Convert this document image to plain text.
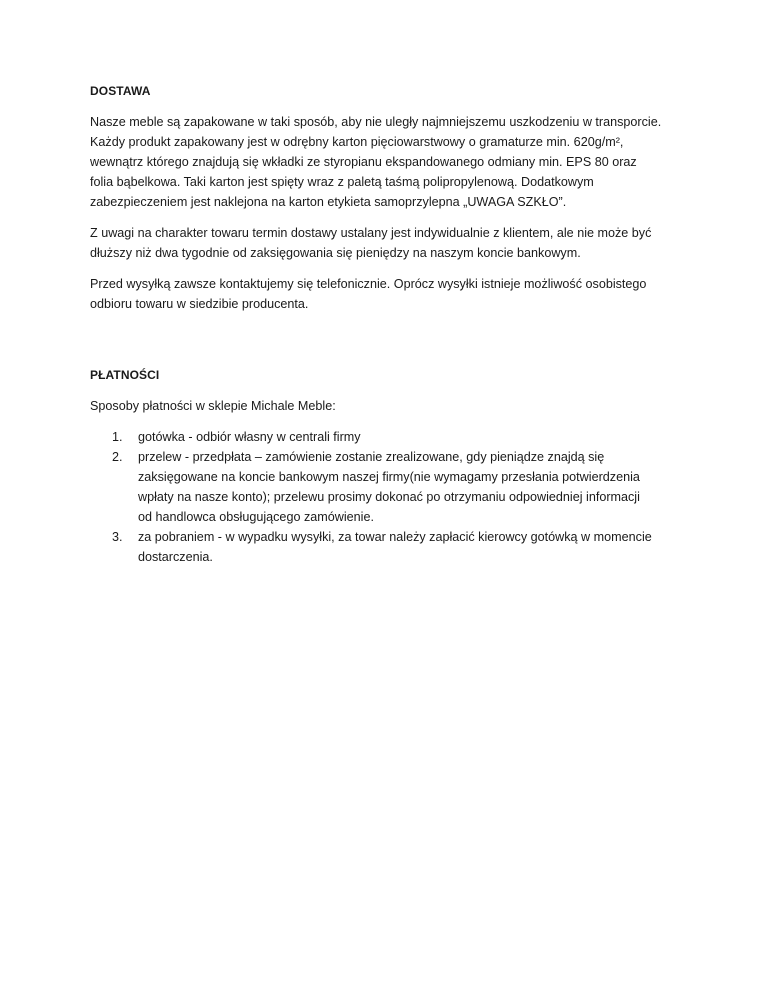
DOSTAWA
Nasze meble są zapakowane w taki sposób, aby nie uległy najmniejszemu uszkodzeniu w transporcie.
Każdy produkt zapakowany jest w odrębny karton pięciowarstwowy o gramaturze min. 620g/m²,
wewnątrz którego znajdują się wkładki ze styropianu ekspandowanego odmiany min. EPS 80 oraz
folia bąbelkowa. Taki karton jest spięty wraz z paletą taśmą polipropylenową. Dodatkowym
zabezpieczeniem jest naklejona na karton etykieta samoprzylepna „UWAGA SZKŁO”.
Z uwagi na charakter towaru termin dostawy ustalany jest indywidualnie z klientem, ale nie może być
dłuższy niż dwa tygodnie od zaksięgowania się pieniędzy na naszym koncie bankowym.
Przed wysyłką zawsze kontaktujemy się telefonicznie. Oprócz wysyłki istnieje możliwość osobistego
odbioru towaru w siedzibie producenta.
PŁATNOŚCI
Sposoby płatności w sklepie Michale Meble:
1. gotówka - odbiór własny w centrali firmy
2. przelew - przedpłata – zamówienie zostanie zrealizowane, gdy pieniądze znajdą się
zaksięgowane na koncie bankowym naszej firmy(nie wymagamy przesłania potwierdzenia
wpłaty na nasze konto); przelewu prosimy dokonać po otrzymaniu odpowiedniej informacji
od handlowca obsługującego zamówienie.
3. za pobraniem - w wypadku wysyłki, za towar należy zapłacić kierowcy gotówką w momencie
dostarczenia.
